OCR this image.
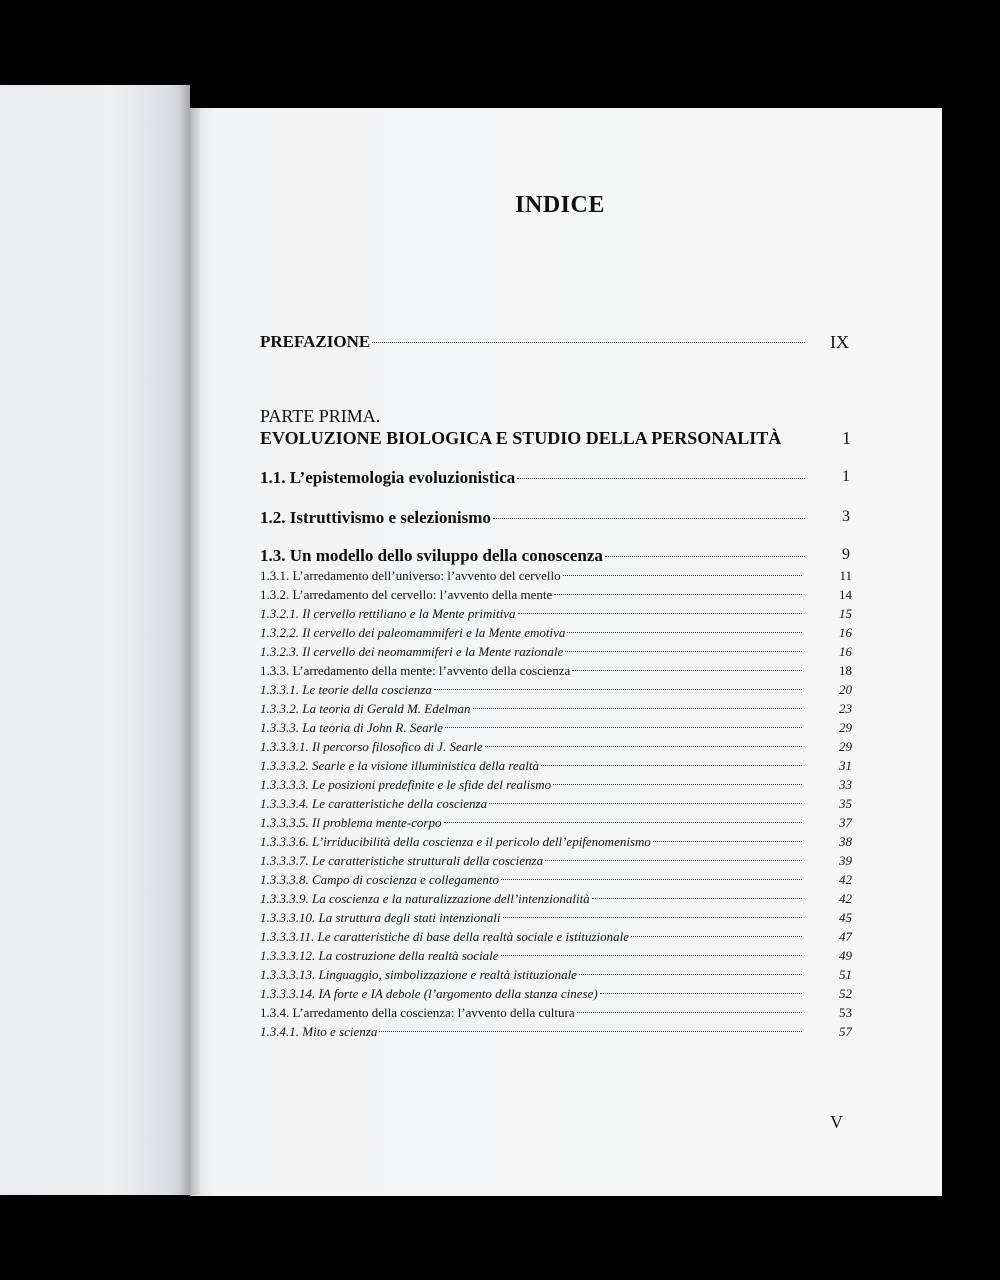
INDICE
PREFAZIONE	IX
PARTE PRIMA.
EVOLUZIONE BIOLOGICA E STUDIO DELLA PERSONALITÀ	1
1.1. L’epistemologia evoluzionistica	1
1.2. Istruttivismo e selezionismo	3
1.3. Un modello dello sviluppo della conoscenza	9
1.3.1. L’arredamento dell’universo: l’avvento del cervello	11
1.3.2. L’arredamento del cervello: l’avvento della mente	14
1.3.2.1. Il cervello rettiliano e la Mente primitiva	15
1.3.2.2. Il cervello dei paleomammiferi e la Mente emotiva	16
1.3.2.3. Il cervello dei neomammiferi e la Mente razionale	16
1.3.3. L’arredamento della mente: l’avvento della coscienza	18
1.3.3.1. Le teorie della coscienza	20
1.3.3.2. La teoria di Gerald M. Edelman	23
1.3.3.3. La teoria di John R. Searle	29
1.3.3.3.1. Il percorso filosofico di J. Searle	29
1.3.3.3.2. Searle e la visione illuministica della realtà	31
1.3.3.3.3. Le posizioni predefinite e le sfide del realismo	33
1.3.3.3.4. Le caratteristiche della coscienza	35
1.3.3.3.5. Il problema mente-corpo	37
1.3.3.3.6. L’irriducibilità della coscienza e il pericolo dell’epifenomenismo	38
1.3.3.3.7. Le caratteristiche strutturali della coscienza	39
1.3.3.3.8. Campo di coscienza e collegamento	42
1.3.3.3.9. La coscienza e la naturalizzazione dell’intenzionalità	42
1.3.3.3.10. La struttura degli stati intenzionali	45
1.3.3.3.11. Le caratteristiche di base della realtà sociale e istituzionale	47
1.3.3.3.12. La costruzione della realtà sociale	49
1.3.3.3.13. Linguaggio, simbolizzazione e realtà istituzionale	51
1.3.3.3.14. IA forte e IA debole (l’argomento della stanza cinese)	52
1.3.4. L’arredamento della coscienza: l’avvento della cultura	53
1.3.4.1. Mito e scienza	57
V
